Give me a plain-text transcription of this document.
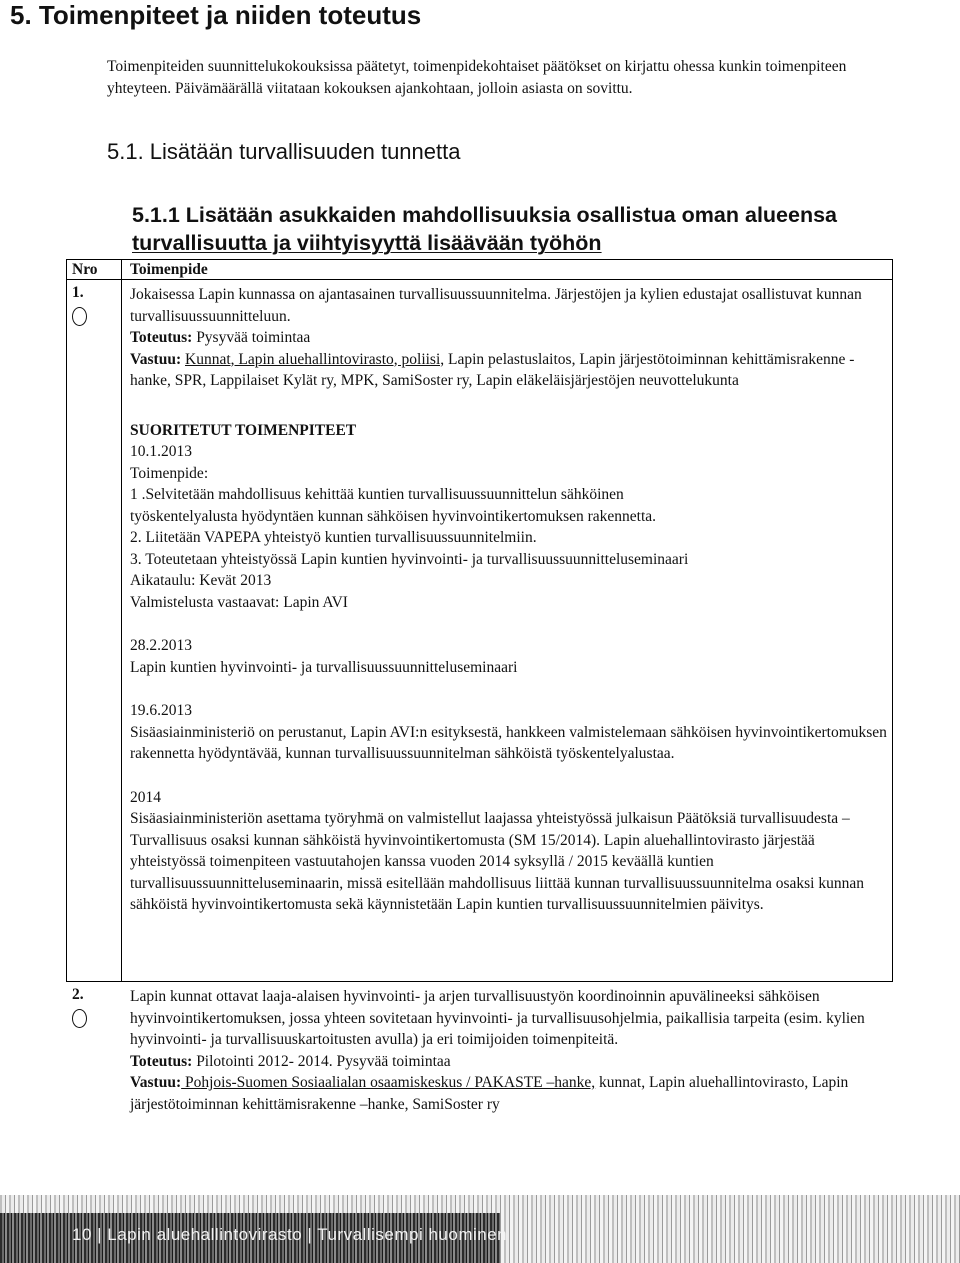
5. Toimenpiteet ja niiden toteutus
Toimenpiteiden suunnittelukokouksissa päätetyt, toimenpidekohtaiset päätökset on kirjattu ohessa kunkin toimenpiteen yhteyteen. Päivämäärällä viitataan kokouksen ajankohtaan, jolloin asiasta on sovittu.
5.1. Lisätään turvallisuuden tunnetta
5.1.1 Lisätään asukkaiden mahdollisuuksia osallistua oman alueensa
turvallisuutta ja viihtyisyyttä lisäävään työhön
Nro Toimenpide
1.	Jokaisessa Lapin kunnassa on ajantasainen turvallisuussuunnitelma. Järjestöjen ja kylien edustajat osallistuvat kunnan turvallisuussuunnitteluun.
Toteutus: Pysyvää toimintaa
Vastuu: Kunnat, Lapin aluehallintovirasto, poliisi, Lapin pelastuslaitos, Lapin järjestötoiminnan kehittämisrakenne -hanke, SPR, Lappilaiset Kylät ry, MPK, SamiSoster ry, Lapin eläkeläisjärjestöjen neuvottelukunta
SUORITETUT TOIMENPITEET
10.1.2013
Toimenpide:
1 .Selvitetään mahdollisuus kehittää kuntien turvallisuussuunnittelun sähköinen
työskentelyalusta hyödyntäen kunnan sähköisen hyvinvointikertomuksen rakennetta.
2. Liitetään VAPEPA yhteistyö kuntien turvallisuussuunnitelmiin.
3. Toteutetaan yhteistyössä Lapin kuntien hyvinvointi- ja turvallisuussuunnitteluseminaari
Aikataulu: Kevät 2013
Valmistelusta vastaavat: Lapin AVI
28.2.2013
Lapin kuntien hyvinvointi- ja turvallisuussuunnitteluseminaari
19.6.2013
Sisäasiainministeriö on perustanut, Lapin AVI:n esityksestä, hankkeen valmistelemaan sähköisen hyvinvointikertomuksen rakennetta hyödyntävää, kunnan turvallisuussuunnitelman sähköistä työskentelyalustaa.
2014
Sisäasiainministeriön asettama työryhmä on valmistellut laajassa yhteistyössä julkaisun Päätöksiä turvallisuudesta – Turvallisuus osaksi kunnan sähköistä hyvinvointikertomusta (SM 15/2014). Lapin aluehallintovirasto järjestää yhteistyössä toimenpiteen vastuutahojen kanssa vuoden 2014 syksyllä / 2015 keväällä kuntien turvallisuussuunnitteluseminaarin, missä esitellään mahdollisuus liittää kunnan turvallisuussuunnitelma osaksi kunnan sähköistä hyvinvointikertomusta sekä käynnistetään Lapin kuntien turvallisuussuunnitelmien päivitys.
2.	Lapin kunnat ottavat laaja-alaisen hyvinvointi- ja arjen turvallisuustyön koordinoinnin apuvälineeksi sähköisen hyvinvointikertomuksen, jossa yhteen sovitetaan hyvinvointi- ja turvallisuusohjelmia, paikallisia tarpeita (esim. kylien hyvinvointi- ja turvallisuuskartoitusten avulla) ja eri toimijoiden toimenpiteitä.
Toteutus: Pilotointi 2012- 2014. Pysyvää toimintaa
Vastuu: Pohjois-Suomen Sosiaalialan osaamiskeskus / PAKASTE –hanke, kunnat, Lapin aluehallintovirasto, Lapin järjestötoiminnan kehittämisrakenne –hanke, SamiSoster ry
10 | Lapin aluehallintovirasto | Turvallisempi huominen
